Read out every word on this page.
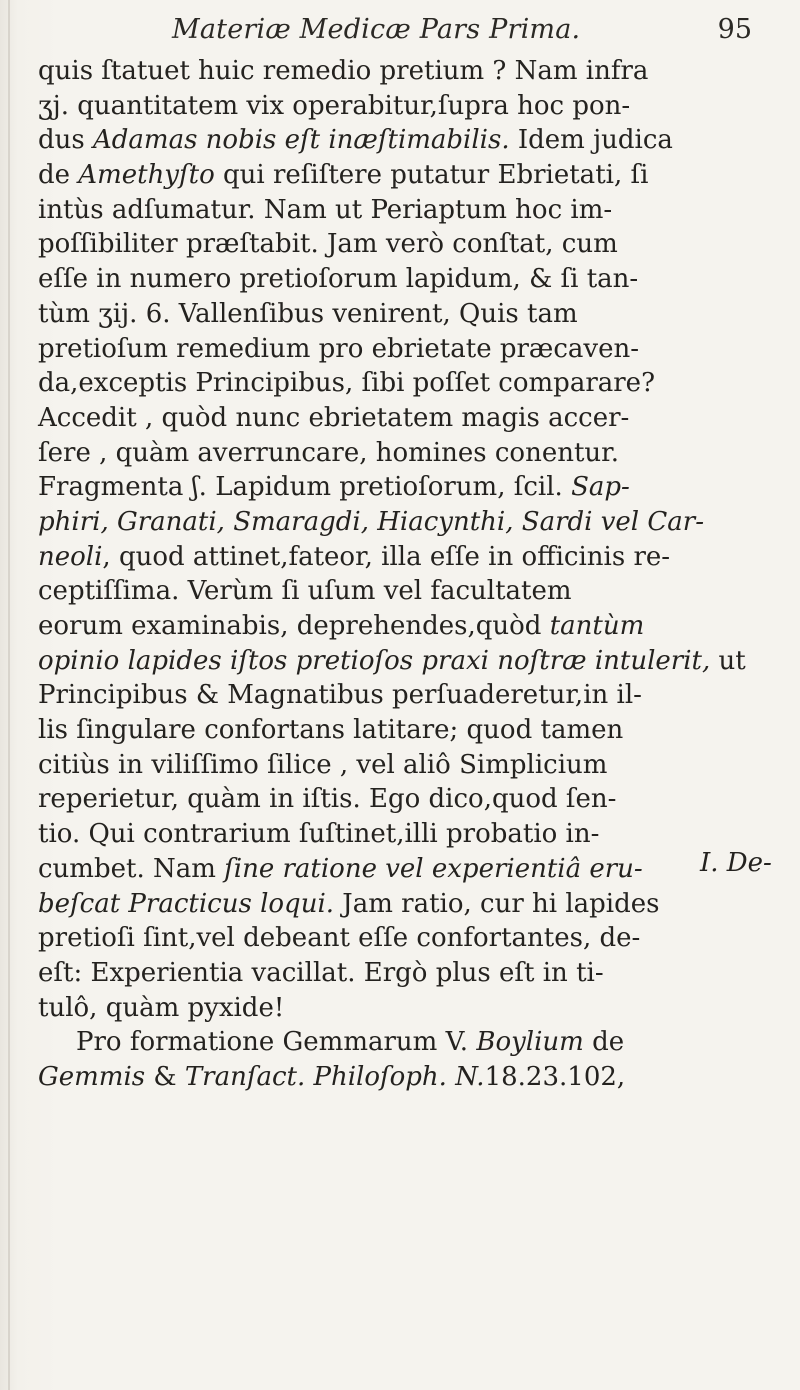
Materiæ Medicæ Pars Prima.	95
quis ſtatuet huic remedio pretium ? Nam infra
ʒj. quantitatem vix operabitur,ſupra hoc pon-
dus Adamas nobis eſt inæſtimabilis. Idem judica
de Amethyſto qui reſiſtere putatur Ebrietati, ſi
intùs adſumatur. Nam ut Periaptum hoc im-
poſſibiliter præſtabit. Jam verò conſtat, cum
eſſe in numero pretioſorum lapidum, & ſi tan-
tùm ʒij. 6. Vallenſibus venirent, Quis tam
pretioſum remedium pro ebrietate præcaven-
da,exceptis Principibus, ſibi poſſet comparare?
Accedit , quòd nunc ebrietatem magis accer-
ſere , quàm averruncare, homines conentur.
Fragmenta ʃ. Lapidum pretioſorum, ſcil. Sap-
phiri, Granati, Smaragdi, Hiacynthi, Sardi vel Car-
neoli, quod attinet,fateor, illa eſſe in officinis re-
ceptiſſima. Verùm ſi uſum vel facultatem
eorum examinabis, deprehendes,quòd tantùm
opinio lapides iſtos pretioſos praxi noſtræ intulerit, ut
Principibus & Magnatibus perſuaderetur,in il-
lis ſingulare confortans latitare; quod tamen
citiùs in viliſſimo ſilice , vel aliô Simplicium
reperietur, quàm in iſtis. Ego dico,quod ſen-
tio. Qui contrarium ſuſtinet,illi probatio in-
cumbet. Nam ſine ratione vel experientiâ eru-
beſcat Practicus loqui. Jam ratio, cur hi lapides
pretioſi ſint,vel debeant eſſe confortantes, de-
eſt: Experientia vacillat. Ergò plus eſt in ti-
tulô, quàm pyxide!
Pro formatione Gemmarum V. Boylium de
Gemmis & Tranſact. Philoſoph. N.18.23.102,
I. De-
